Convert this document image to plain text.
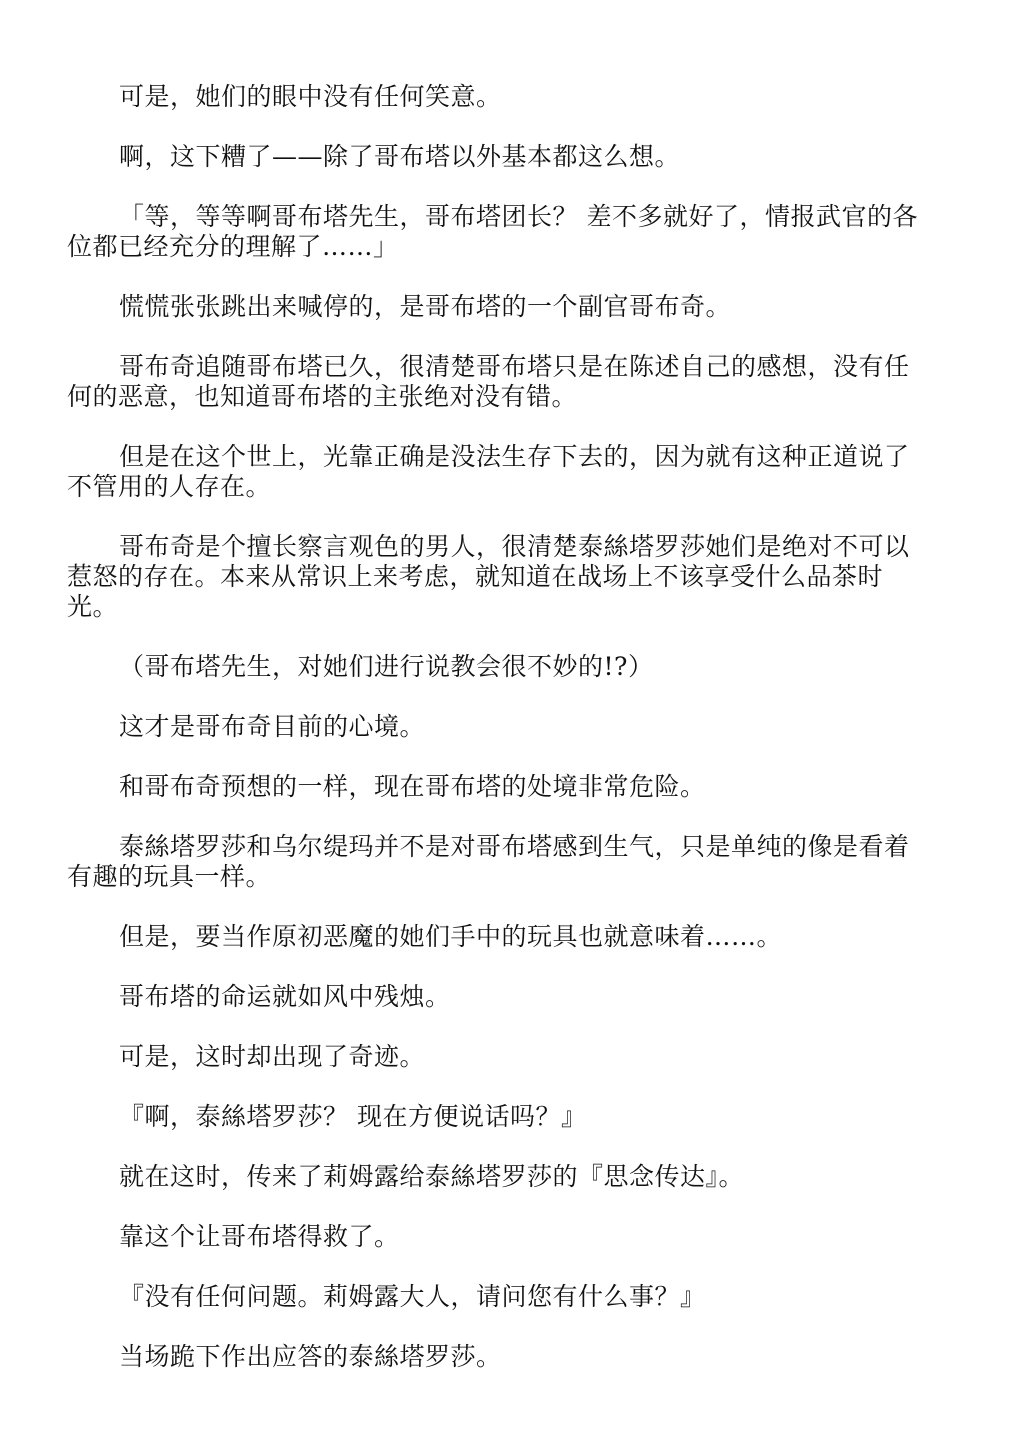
可是，她们的眼中没有任何笑意。

啊，这下糟了——除了哥布塔以外基本都这么想。

「等，等等啊哥布塔先生，哥布塔团长？ 差不多就好了，情报武官的各
位都已经充分的理解了……」

慌慌张张跳出来喊停的，是哥布塔的一个副官哥布奇。

哥布奇追随哥布塔已久，很清楚哥布塔只是在陈述自己的感想，没有任
何的恶意，也知道哥布塔的主张绝对没有错。

但是在这个世上，光靠正确是没法生存下去的，因为就有这种正道说了
不管用的人存在。

哥布奇是个擅长察言观色的男人，很清楚泰絲塔罗莎她们是绝对不可以
惹怒的存在。本来从常识上来考虑，就知道在战场上不该享受什么品茶时
光。

（哥布塔先生，对她们进行说教会很不妙的!?）

这才是哥布奇目前的心境。

和哥布奇预想的一样，现在哥布塔的处境非常危险。

泰絲塔罗莎和乌尔缇玛并不是对哥布塔感到生气，只是单纯的像是看着
有趣的玩具一样。

但是，要当作原初恶魔的她们手中的玩具也就意味着……。

哥布塔的命运就如风中残烛。

可是，这时却出现了奇迹。

『啊，泰絲塔罗莎？ 现在方便说话吗？』

就在这时，传来了莉姆露给泰絲塔罗莎的『思念传达』。

靠这个让哥布塔得救了。

『没有任何问题。莉姆露大人，请问您有什么事？』

当场跪下作出应答的泰絲塔罗莎。
